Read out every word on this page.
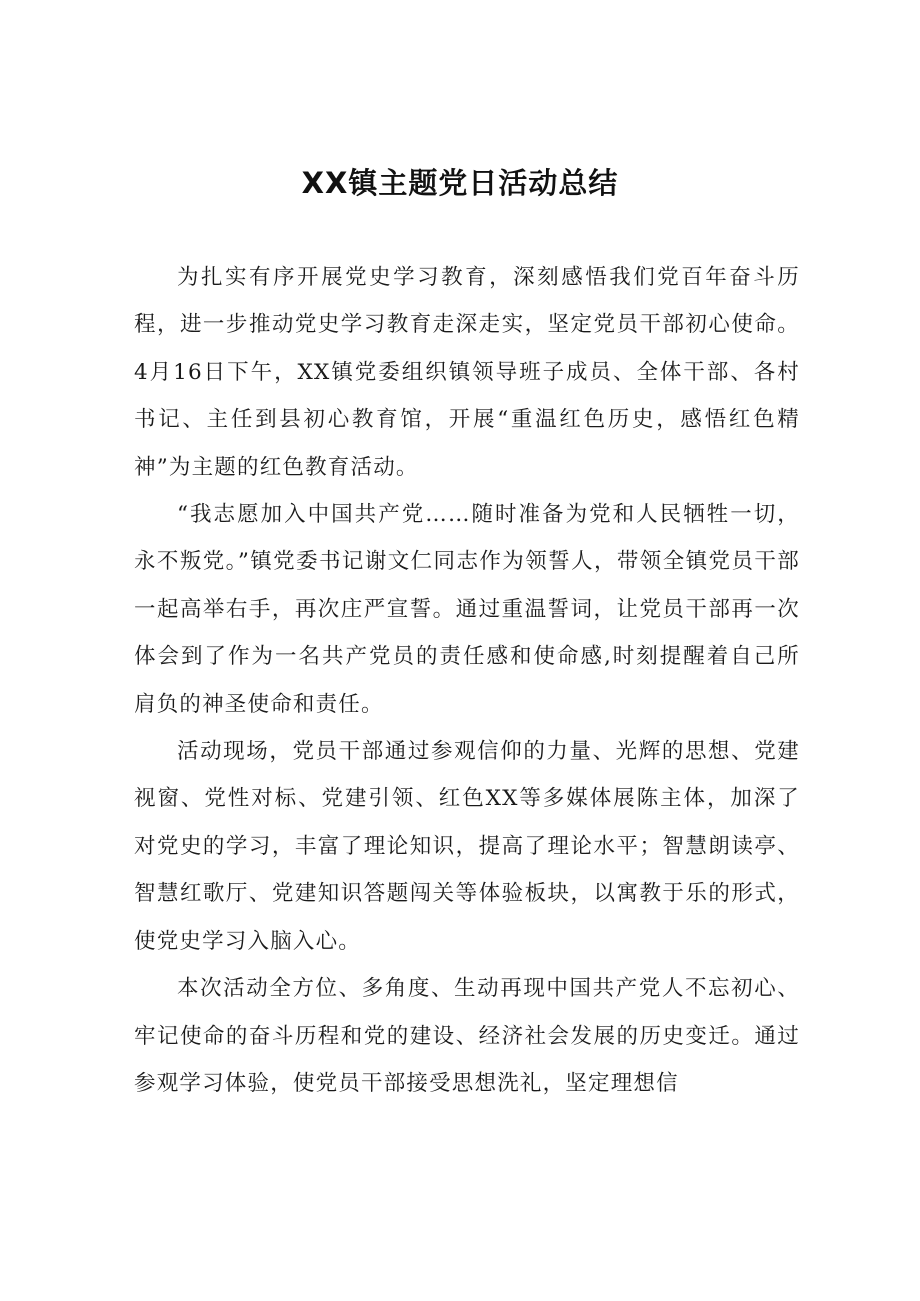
XX镇主题党日活动总结

为扎实有序开展党史学习教育，深刻感悟我们党百年奋斗历程，进一步推动党史学习教育走深走实，坚定党员干部初心使命。4月16日下午，XX镇党委组织镇领导班子成员、全体干部、各村书记、主任到县初心教育馆，开展“重温红色历史，感悟红色精神”为主题的红色教育活动。

“我志愿加入中国共产党……随时准备为党和人民牺牲一切，永不叛党。”镇党委书记谢文仁同志作为领誓人，带领全镇党员干部一起高举右手，再次庄严宣誓。通过重温誓词，让党员干部再一次体会到了作为一名共产党员的责任感和使命感,时刻提醒着自己所肩负的神圣使命和责任。

活动现场，党员干部通过参观信仰的力量、光辉的思想、党建视窗、党性对标、党建引领、红色XX等多媒体展陈主体，加深了对党史的学习，丰富了理论知识，提高了理论水平；智慧朗读亭、智慧红歌厅、党建知识答题闯关等体验板块，以寓教于乐的形式，使党史学习入脑入心。

本次活动全方位、多角度、生动再现中国共产党人不忘初心、牢记使命的奋斗历程和党的建设、经济社会发展的历史变迁。通过参观学习体验，使党员干部接受思想洗礼，坚定理想信
